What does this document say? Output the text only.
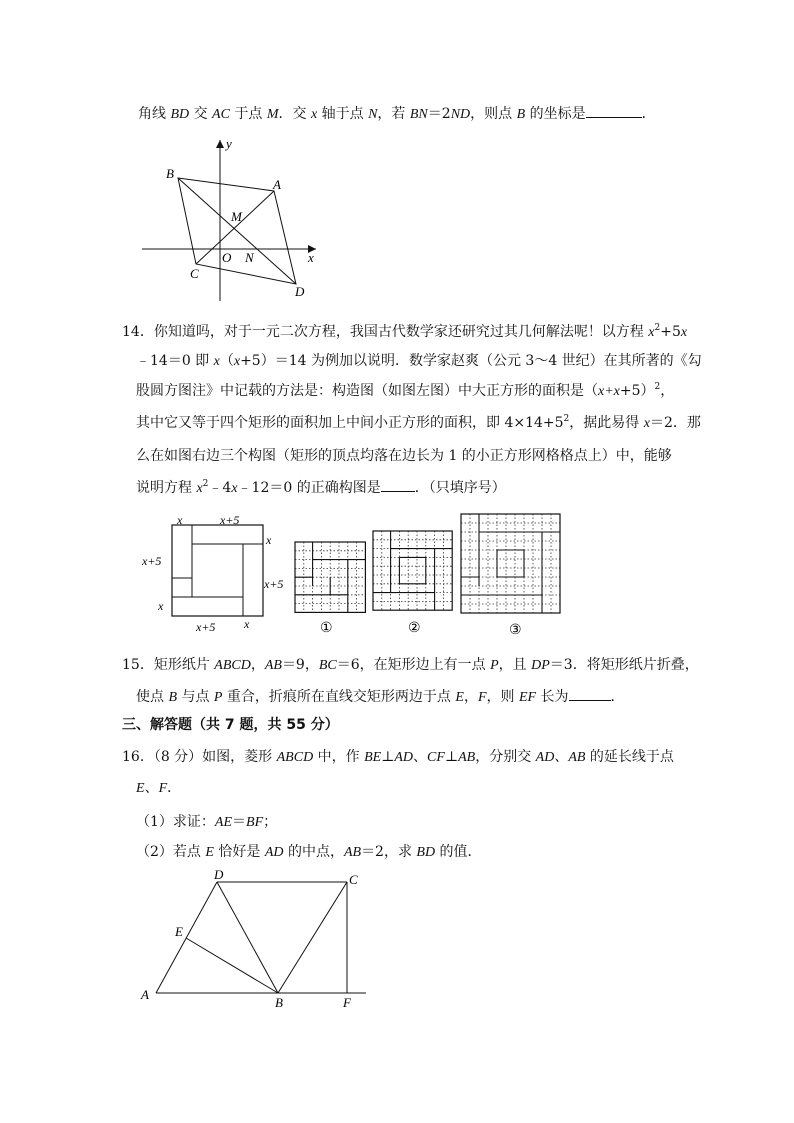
角线 BD 交 AC 于点 M．交 x 轴于点 N，若 BN＝2ND，则点 B 的坐标是	．
y
x
B
A
M
C
O N
D
14．你知道吗，对于一元二次方程，我国古代数学家还研究过其几何解法呢！以方程 $x^2+5x$
﹣14＝0 即 x（x+5）＝14 为例加以说明．数学家赵爽（公元 3～4 世纪）在其所著的《勾
股圆方图注》中记载的方法是：构造图（如图左图）中大正方形的面积是$(x+x+5)^2$，
其中它又等于四个矩形的面积加上中间小正方形的面积，即 $4\times 14+5^2$，据此易得 x＝2．那
么在如图右边三个构图（矩形的顶点均落在边长为 1 的小正方形网格格点上）中，能够
说明方程 $x^2﹣4x﹣12=0$ 的正确构图是 ．（只填序号）
x	x+5
x
x+5
x+5
x
x+5 x	①	②	③
15．矩形纸片 ABCD，AB＝9，BC＝6，在矩形边上有一点 P，且 DP＝3．将矩形纸片折叠，
使点 B 与点 P 重合，折痕所在直线交矩形两边于点 E，F，则 EF 长为	．
三、解答题（共 7 题，共 55 分）
16．（8 分）如图，菱形 ABCD 中，作 BE⊥AD、CF⊥AB，分别交 AD、AB 的延长线于点
E、F．
（1）求证：AE＝BF；
（2）若点 E 恰好是 AD 的中点，AB＝2，求 BD 的值．
D	C
E
A
B	F
